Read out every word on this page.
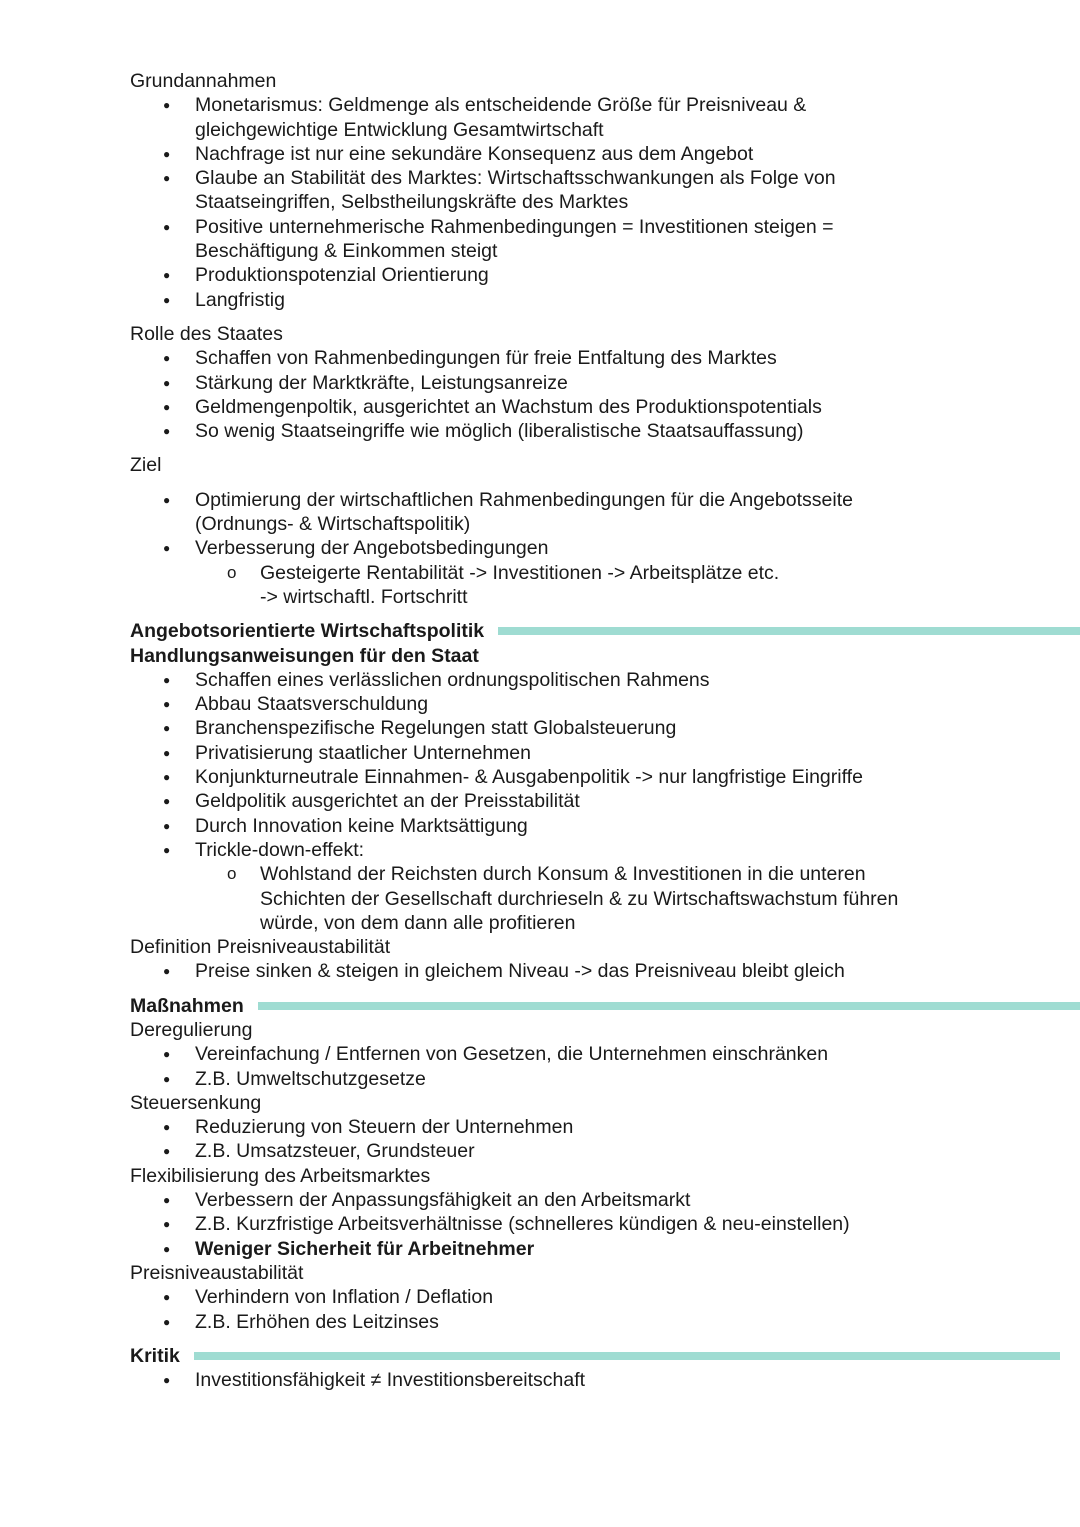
Grundannahmen
● Monetarismus: Geldmenge als entscheidende Größe für Preisniveau & gleichgewichtige Entwicklung Gesamtwirtschaft
● Nachfrage ist nur eine sekundäre Konsequenz aus dem Angebot
● Glaube an Stabilität des Marktes: Wirtschaftsschwankungen als Folge von Staatseingriffen, Selbstheilungskräfte des Marktes
● Positive unternehmerische Rahmenbedingungen = Investitionen steigen = Beschäftigung & Einkommen steigt
● Produktionspotenzial Orientierung
● Langfristig
Rolle des Staates
● Schaffen von Rahmenbedingungen für freie Entfaltung des Marktes
● Stärkung der Marktkräfte, Leistungsanreize
● Geldmengenpoltik, ausgerichtet an Wachstum des Produktionspotentials
● So wenig Staatseingriffe wie möglich (liberalistische Staatsauffassung)
Ziel
● Optimierung der wirtschaftlichen Rahmenbedingungen für die Angebotsseite (Ordnungs- & Wirtschaftspolitik)
● Verbesserung der Angebotsbedingungen
o Gesteigerte Rentabilität -> Investitionen -> Arbeitsplätze etc. -> wirtschaftl. Fortschritt
Angebotsorientierte Wirtschaftspolitik
Handlungsanweisungen für den Staat
● Schaffen eines verlässlichen ordnungspolitischen Rahmens
● Abbau Staatsverschuldung
● Branchenspezifische Regelungen statt Globalsteuerung
● Privatisierung staatlicher Unternehmen
● Konjunkturneutrale Einnahmen- & Ausgabenpolitik -> nur langfristige Eingriffe
● Geldpolitik ausgerichtet an der Preisstabilität
● Durch Innovation keine Marktsättigung
● Trickle-down-effekt:
o Wohlstand der Reichsten durch Konsum & Investitionen in die unteren Schichten der Gesellschaft durchrieseln & zu Wirtschaftswachstum führen würde, von dem dann alle profitieren
Definition Preisniveaustabilität
● Preise sinken & steigen in gleichem Niveau -> das Preisniveau bleibt gleich
Maßnahmen
Deregulierung
● Vereinfachung / Entfernen von Gesetzen, die Unternehmen einschränken
● Z.B. Umweltschutzgesetze
Steuersenkung
● Reduzierung von Steuern der Unternehmen
● Z.B. Umsatzsteuer, Grundsteuer
Flexibilisierung des Arbeitsmarktes
● Verbessern der Anpassungsfähigkeit an den Arbeitsmarkt
● Z.B. Kurzfristige Arbeitsverhältnisse (schnelleres kündigen & neu-einstellen)
● Weniger Sicherheit für Arbeitnehmer
Preisniveaustabilität
● Verhindern von Inflation / Deflation
● Z.B. Erhöhen des Leitzinses
Kritik
● Investitionsfähigkeit ≠ Investitionsbereitschaft
